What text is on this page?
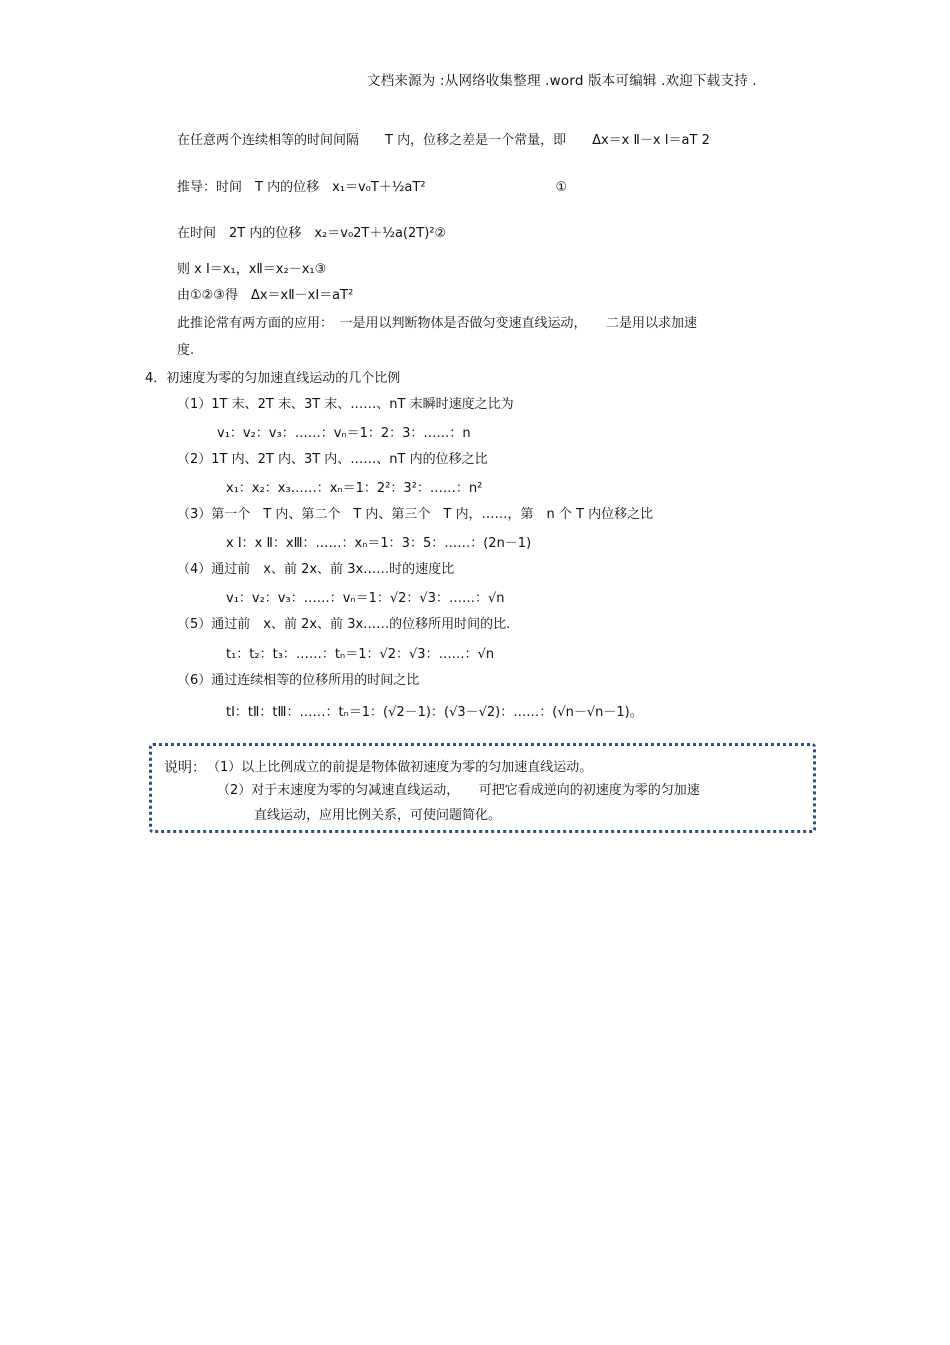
文档来源为 :从网络收集整理 .word 版本可编辑 .欢迎下载支持 .
在任意两个连续相等的时间间隔　　T 内，位移之差是一个常量，即　　Δx＝x Ⅱ－x Ⅰ＝aT 2
推导：时间　T 内的位移　x₁＝v₀T＋½aT²　　　　　　　　　　①
在时间　2T 内的位移　x₂＝v₀2T＋½a(2T)²②
则 x Ⅰ＝x₁，xⅡ＝x₂－x₁③
由①②③得　Δx＝xⅡ－xⅠ＝aT²
此推论常有两方面的应用：　一是用以判断物体是否做匀变速直线运动，　　二是用以求加速
度.
4．初速度为零的匀加速直线运动的几个比例
（1）1T 末、2T 末、3T 末、……、nT 末瞬时速度之比为
v₁：v₂：v₃：……：vₙ＝1：2：3：……：n
（2）1T 内、2T 内、3T 内、……、nT 内的位移之比
x₁：x₂：x₃……：xₙ＝1：2²：3²：……：n²
（3）第一个　T 内、第二个　T 内、第三个　T 内，……，第　n 个 T 内位移之比
x Ⅰ：x Ⅱ：xⅢ：……：xₙ＝1：3：5：……：(2n－1)
（4）通过前　x、前 2x、前 3x……时的速度比
v₁：v₂：v₃：……：vₙ＝1：√2：√3：……：√n
（5）通过前　x、前 2x、前 3x……的位移所用时间的比.
t₁：t₂：t₃：……：tₙ＝1：√2：√3：……：√n
（6）通过连续相等的位移所用的时间之比
tⅠ：tⅡ：tⅢ：……：tₙ＝1：(√2－1)：(√3－√2)：……：(√n－√n－1)。
说明： （1）以上比例成立的前提是物体做初速度为零的匀加速直线运动。
（2）对于末速度为零的匀减速直线运动，　　可把它看成逆向的初速度为零的匀加速
直线运动，应用比例关系，可使问题简化。
